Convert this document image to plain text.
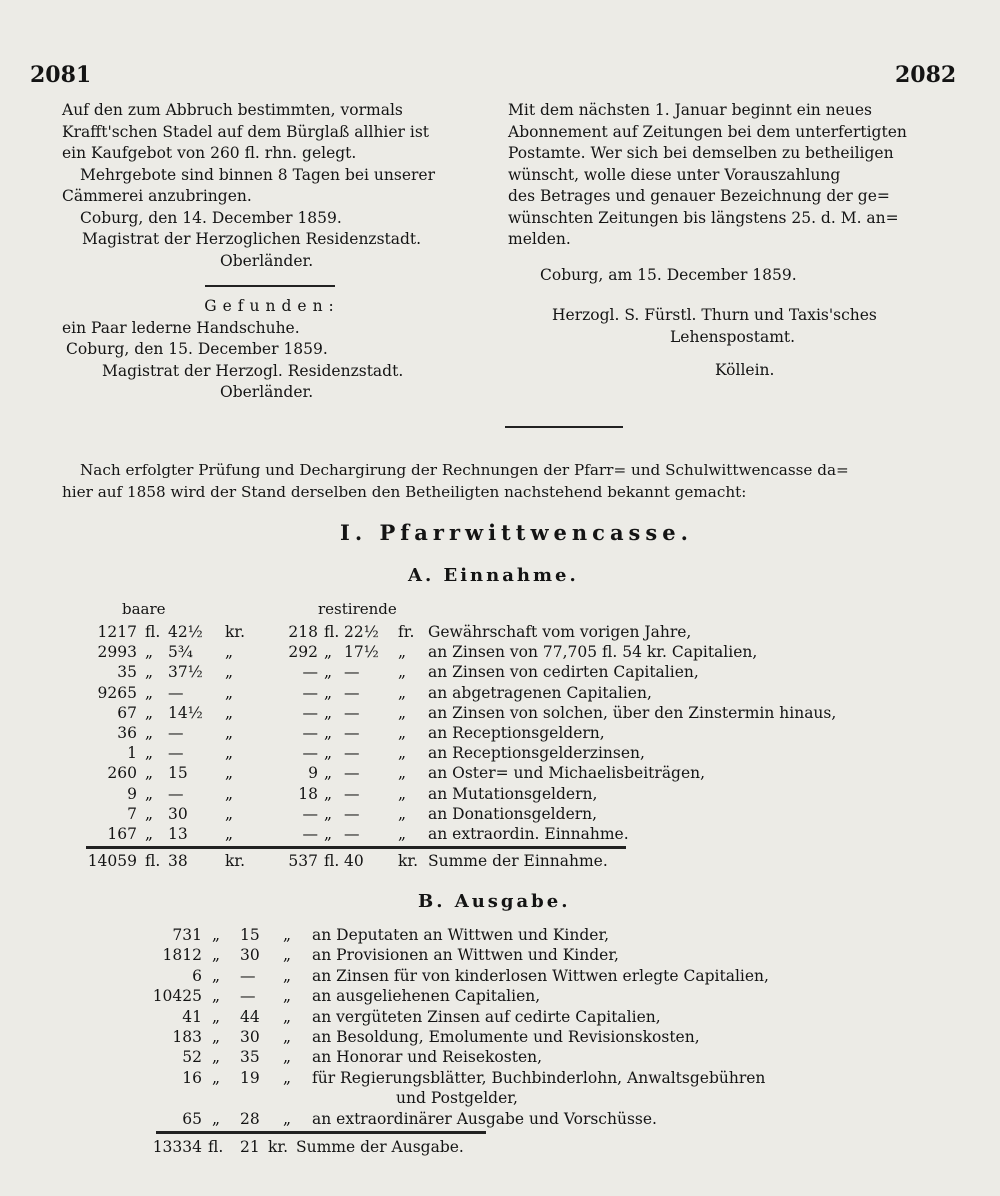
2081	2082
Auf den zum Abbruch bestimmten, vormals
Krafft'schen Stadel auf dem Bürglaß allhier ist
ein Kaufgebot von 260 fl. rhn. gelegt.
Mehrgebote sind binnen 8 Tagen bei unserer
Cämmerei anzubringen.
Coburg, den 14. December 1859.
Magistrat der Herzoglichen Residenzstadt.
Oberländer.
Gefunden:
ein Paar lederne Handschuhe.
Coburg, den 15. December 1859.
Magistrat der Herzogl. Residenzstadt.
Oberländer.
Mit dem nächsten 1. Januar beginnt ein neues
Abonnement auf Zeitungen bei dem unterfertigten
Postamte. Wer sich bei demselben zu betheiligen
wünscht, wolle diese unter Vorauszahlung
des Betrages und genauer Bezeichnung der ge=
wünschten Zeitungen bis längstens 25. d. M. an=
melden.
Coburg, am 15. December 1859.
Herzogl. S. Fürstl. Thurn und Taxis'sches
Lehenspostamt.
Köllein.
Nach erfolgter Prüfung und Dechargirung der Rechnungen der Pfarr= und Schulwittwencasse da=
hier auf 1858 wird der Stand derselben den Betheiligten nachstehend bekannt gemacht:
I. Pfarrwittwencasse.
A. Einnahme.
baare	restirende
1217 fl. 42½ kr.	218 fl. 22½ fr. Gewährschaft vom vorigen Jahre,
2993 „ 5¾ „	292 „ 17½ „ an Zinsen von 77,705 fl. 54 kr. Capitalien,
35 „ 37½ „	— „ — „ an Zinsen von cedirten Capitalien,
9265 „ —	„	— „ — „ an abgetragenen Capitalien,
67 „ 14½ „	— „ — „ an Zinsen von solchen, über den Zinstermin hinaus,
36 „ —	„	— „ — „ an Receptionsgeldern,
1 „ —	„	— „ — „ an Receptionsgelderzinsen,
260 „ 15 „	9 „ — „ an Oster= und Michaelisbeiträgen,
9 „ —	„	18 „ — „ an Mutationsgeldern,
7 „ 30 „	— „ — „ an Donationsgeldern,
167 „ 13 „	— „ — „ an extraordin. Einnahme.
14059 fl. 38 kr.	537 fl. 40 kr. Summe der Einnahme.
B. Ausgabe.
731 „ 15 „ an Deputaten an Wittwen und Kinder,
1812 „ 30 „ an Provisionen an Wittwen und Kinder,
6 „ — „ an Zinsen für von kinderlosen Wittwen erlegte Capitalien,
10425 „ — „ an ausgeliehenen Capitalien,
41 „ 44 „ an vergüteten Zinsen auf cedirte Capitalien,
183 „ 30 „ an Besoldung, Emolumente und Revisionskosten,
52 „ 35 „ an Honorar und Reisekosten,
16 „ 19 „ für Regierungsblätter, Buchbinderlohn, Anwaltsgebühren
und Postgelder,
65 „ 28 „ an extraordinärer Ausgabe und Vorschüsse.
13334 fl. 21 kr. Summe der Ausgabe.
